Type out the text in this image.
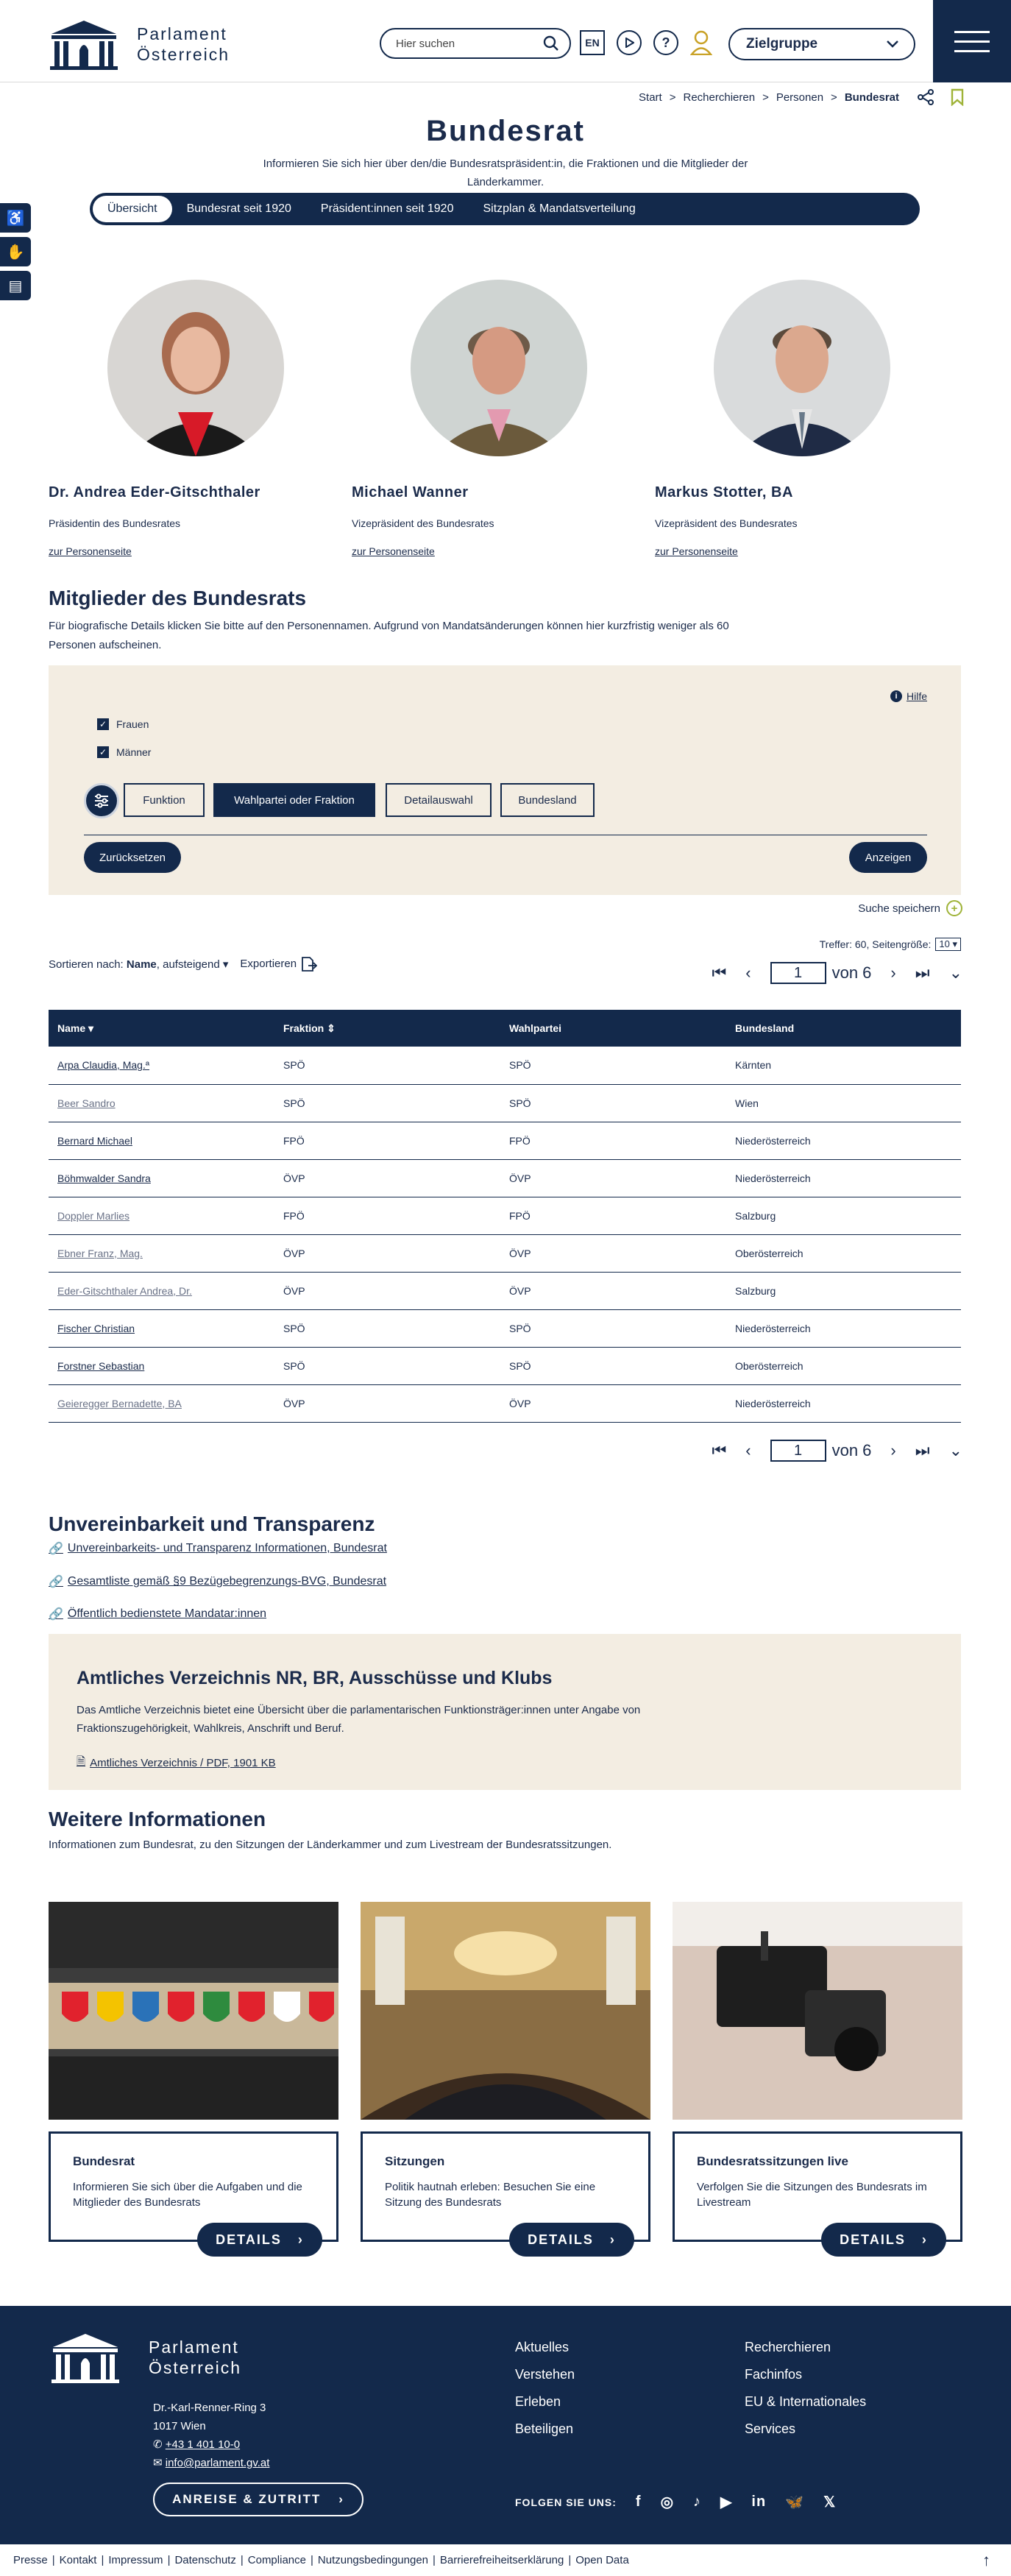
Parlament
Österreich
Hier suchen	EN	?	Zielgruppe
Start > Recherchieren > Personen > Bundesrat
♿
✋
▤
Bundesrat

Informieren Sie sich hier über den/die Bundesratspräsident:in, die Fraktionen und die Mitglieder der Länderkammer.

Übersicht	Bundesrat seit 1920	Präsident:innen seit 1920	Sitzplan & Mandatsverteilung
Dr. Andrea Eder-Gitschthaler
Präsidentin des Bundesrates
zur Personenseite
Michael Wanner
Vizepräsident des Bundesrates
zur Personenseite
Markus Stotter, BA
Vizepräsident des Bundesrates
zur Personenseite
Mitglieder des Bundesrats

Für biografische Details klicken Sie bitte auf den Personennamen. Aufgrund von Mandatsänderungen können hier kurzfristig weniger als 60 Personen aufscheinen.

i Hilfe
✓ Frauen
✓ Männer
Funktion	Wahlpartei oder Fraktion	Detailauswahl	Bundesland
Zurücksetzen	Anzeigen
Suche speichern +
Treffer: 60, Seitengröße: 10 ▾
Sortieren nach: Name, aufsteigend ▾ Exportieren	⏮ ‹	1	von 6 › ⏭ ⌄
Name ▾	Fraktion ⇕	Wahlpartei	Bundesland
Arpa Claudia, Mag.ª	SPÖ	SPÖ	Kärnten
Beer Sandro	SPÖ	SPÖ	Wien
Bernard Michael	FPÖ	FPÖ	Niederösterreich
Böhmwalder Sandra	ÖVP	ÖVP	Niederösterreich
Doppler Marlies	FPÖ	FPÖ	Salzburg
Ebner Franz, Mag.	ÖVP	ÖVP	Oberösterreich
Eder-Gitschthaler Andrea, Dr.	ÖVP	ÖVP	Salzburg
Fischer Christian	SPÖ	SPÖ	Niederösterreich
Forstner Sebastian	SPÖ	SPÖ	Oberösterreich
Geieregger Bernadette, BA	ÖVP	ÖVP	Niederösterreich
⏮ ‹	1	von 6 › ⏭ ⌄
Unvereinbarkeit und Transparenz
🔗 Unvereinbarkeits- und Transparenz Informationen, Bundesrat
🔗 Gesamtliste gemäß §9 Bezügebegrenzungs-BVG, Bundesrat
🔗 Öffentlich bedienstete Mandatar:innen
Amtliches Verzeichnis NR, BR, Ausschüsse und Klubs

Das Amtliche Verzeichnis bietet eine Übersicht über die parlamentarischen Funktionsträger:innen unter Angabe von Fraktionszugehörigkeit, Wahlkreis, Anschrift und Beruf.

🗎 Amtliches Verzeichnis / PDF, 1901 KB
Weitere Informationen

Informationen zum Bundesrat, zu den Sitzungen der Länderkammer und zum Livestream der Bundesratssitzungen.

Bundesrat
Informieren Sie sich über die Aufgaben und die Mitglieder des Bundesrats
DETAILS ›
Sitzungen
Politik hautnah erleben: Besuchen Sie eine Sitzung des Bundesrats
DETAILS ›
Bundesratssitzungen live
Verfolgen Sie die Sitzungen des Bundesrats im Livestream
DETAILS ›
Parlament
Österreich
Dr.-Karl-Renner-Ring 3
1017 Wien
✆ +43 1 401 10-0
✉ info@parlament.gv.at
ANREISE & ZUTRITT ›
Aktuelles
Verstehen
Erleben
Beteiligen
Recherchieren
Fachinfos
EU & Internationales
Services
FOLGEN SIE UNS: f ◎ ♪ ▶ in 🦋 𝕏
Presse | Kontakt | Impressum | Datenschutz | Compliance | Nutzungsbedingungen | Barrierefreiheitserklärung | Open Data	↑
